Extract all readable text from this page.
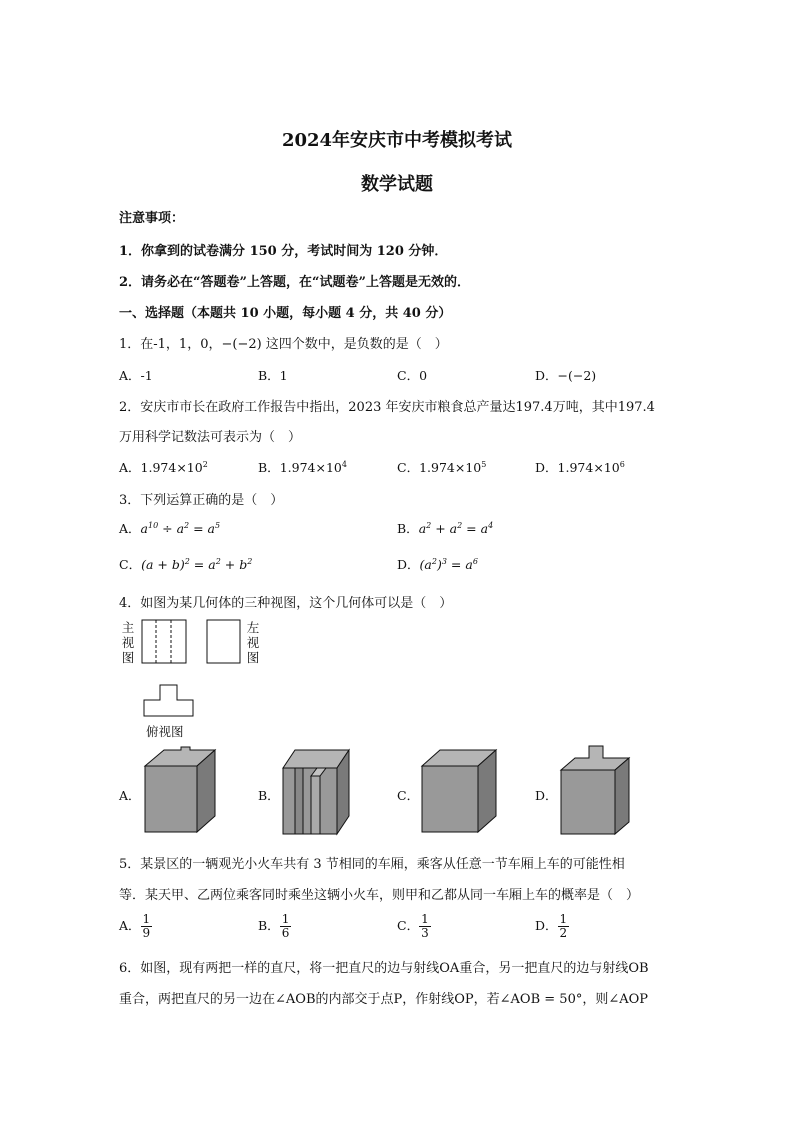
2024年安庆市中考模拟考试
数学试题
注意事项：
1．你拿到的试卷满分 150 分，考试时间为 120 分钟．
2．请务必在“答题卷”上答题，在“试题卷”上答题是无效的．
一、选择题（本题共 10 小题，每小题 4 分，共 40 分）
1．在-1，1，0，−(−2) 这四个数中，是负数的是（　）
A．-1	B．1	C．0	D．−(−2)
2．安庆市市长在政府工作报告中指出，2023 年安庆市粮食总产量达197.4万吨，其中197.4
万用科学记数法可表示为（　）
A．$1.974\times 10^2$	B．$1.974\times 10^4$	C．$1.974\times 10^5$	D．$1.974\times 10^6$
3．下列运算正确的是（　）
A．$a^{10} \div a^2 = a^5$	B．$a^2 + a^2 = a^4$
C．$(a + b)^2 = a^2 + b^2$	D．$(a^2)^3 = a^6$
4．如图为某几何体的三种视图，这个几何体可以是（　）
主
视
图
左
视
图
俯视图
A．	B．	C．	D．
5．某景区的一辆观光小火车共有 3 节相同的车厢，乘客从任意一节车厢上车的可能性相
等．某天甲、乙两位乘客同时乘坐这辆小火车，则甲和乙都从同一车厢上车的概率是（　）
A． $\frac{1}{9}$	B． $\frac{1}{6}$	C． $\frac{1}{3}$	D． $\frac{1}{2}$
6．如图，现有两把一样的直尺，将一把直尺的边与射线OA重合，另一把直尺的边与射线OB
重合，两把直尺的另一边在∠AOB的内部交于点P，作射线OP，若∠AOB = 50°，则∠AOP
